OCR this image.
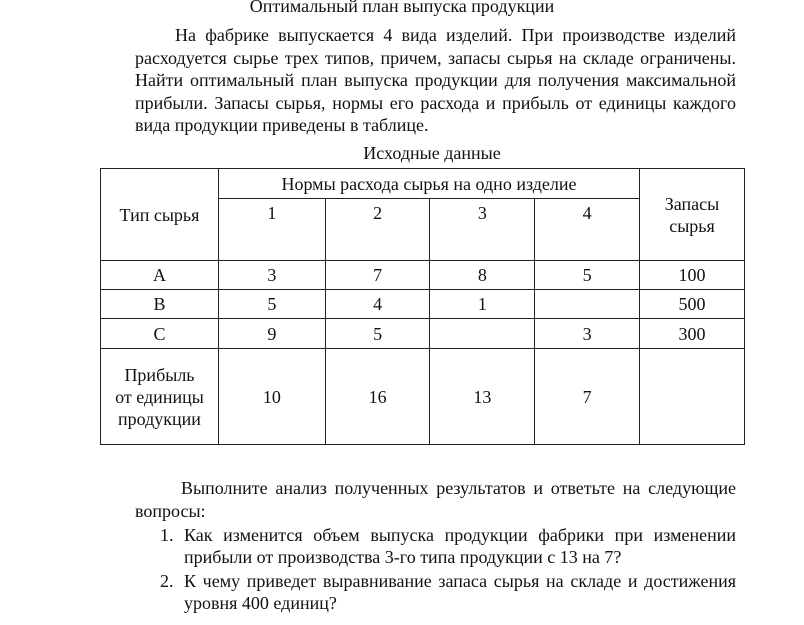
Оптимальный план выпуска продукции
На фабрике выпускается 4 вида изделий. При производстве изделий расходуется сырье трех типов, причем, запасы сырья на складе ограничены. Найти оптимальный план выпуска продукции для получения максимальной прибыли. Запасы сырья, нормы его расхода и прибыль от единицы каждого вида продукции приведены в таблице.
Исходные данные
Тип сырья	Нормы расхода сырья на одно изделие				Запасы сырья
	1	2	3	4	
A	3	7	8	5	100
B	5	4	1		500
C	9	5		3	300
Прибыль от единицы продукции	10	16	13	7	
Выполните анализ полученных результатов и ответьте на следующие вопросы:
1. Как изменится объем выпуска продукции фабрики при изменении прибыли от производства 3-го типа продукции с 13 на 7?
2. К чему приведет выравнивание запаса сырья на складе и достижения уровня 400 единиц?
